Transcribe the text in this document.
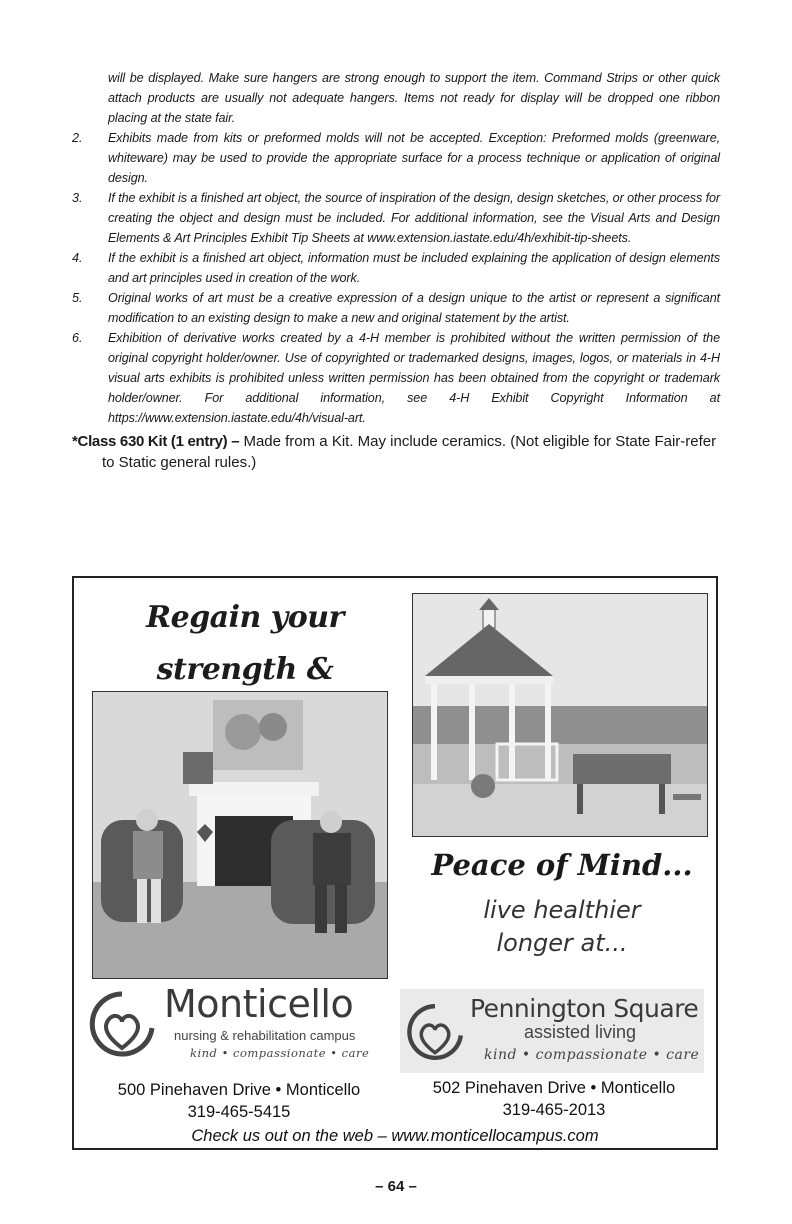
will be displayed. Make sure hangers are strong enough to support the item. Command Strips or other quick attach products are usually not adequate hangers. Items not ready for display will be dropped one ribbon placing at the state fair.
2.	Exhibits made from kits or preformed molds will not be accepted. Exception: Preformed molds (greenware, whiteware) may be used to provide the appropriate surface for a process technique or application of original design.
3.	If the exhibit is a finished art object, the source of inspiration of the design, design sketches, or other process for creating the object and design must be included. For additional information, see the Visual Arts and Design Elements & Art Principles Exhibit Tip Sheets at www.extension.iastate.edu/4h/exhibit-tip-sheets.
4.	If the exhibit is a finished art object, information must be included explaining the application of design elements and art principles used in creation of the work.
5.	Original works of art must be a creative expression of a design unique to the artist or represent a significant modification to an existing design to make a new and original statement by the artist.
6.	Exhibition of derivative works created by a 4-H member is prohibited without the written permission of the original copyright holder/owner. Use of copyrighted or trademarked designs, images, logos, or materials in 4-H visual arts exhibits is prohibited unless written permission has been obtained from the copyright or trademark holder/owner. For additional information, see 4-H Exhibit Copyright Information at https://www.extension.iastate.edu/4h/visual-art.
*Class 630 Kit (1 entry) – Made from a Kit. May include ceramics. (Not eligible for State Fair-refer to Static general rules.)
Regain your strength &
Peace of Mind...
live healthier
longer at...
Monticello
nursing & rehabilitation campus
kind • compassionate • care
Pennington Square
assisted living
kind • compassionate • care
500 Pinehaven Drive • Monticello
319-465-5415
502 Pinehaven Drive • Monticello
319-465-2013
Check us out on the web – www.monticellocampus.com
– 64 –
